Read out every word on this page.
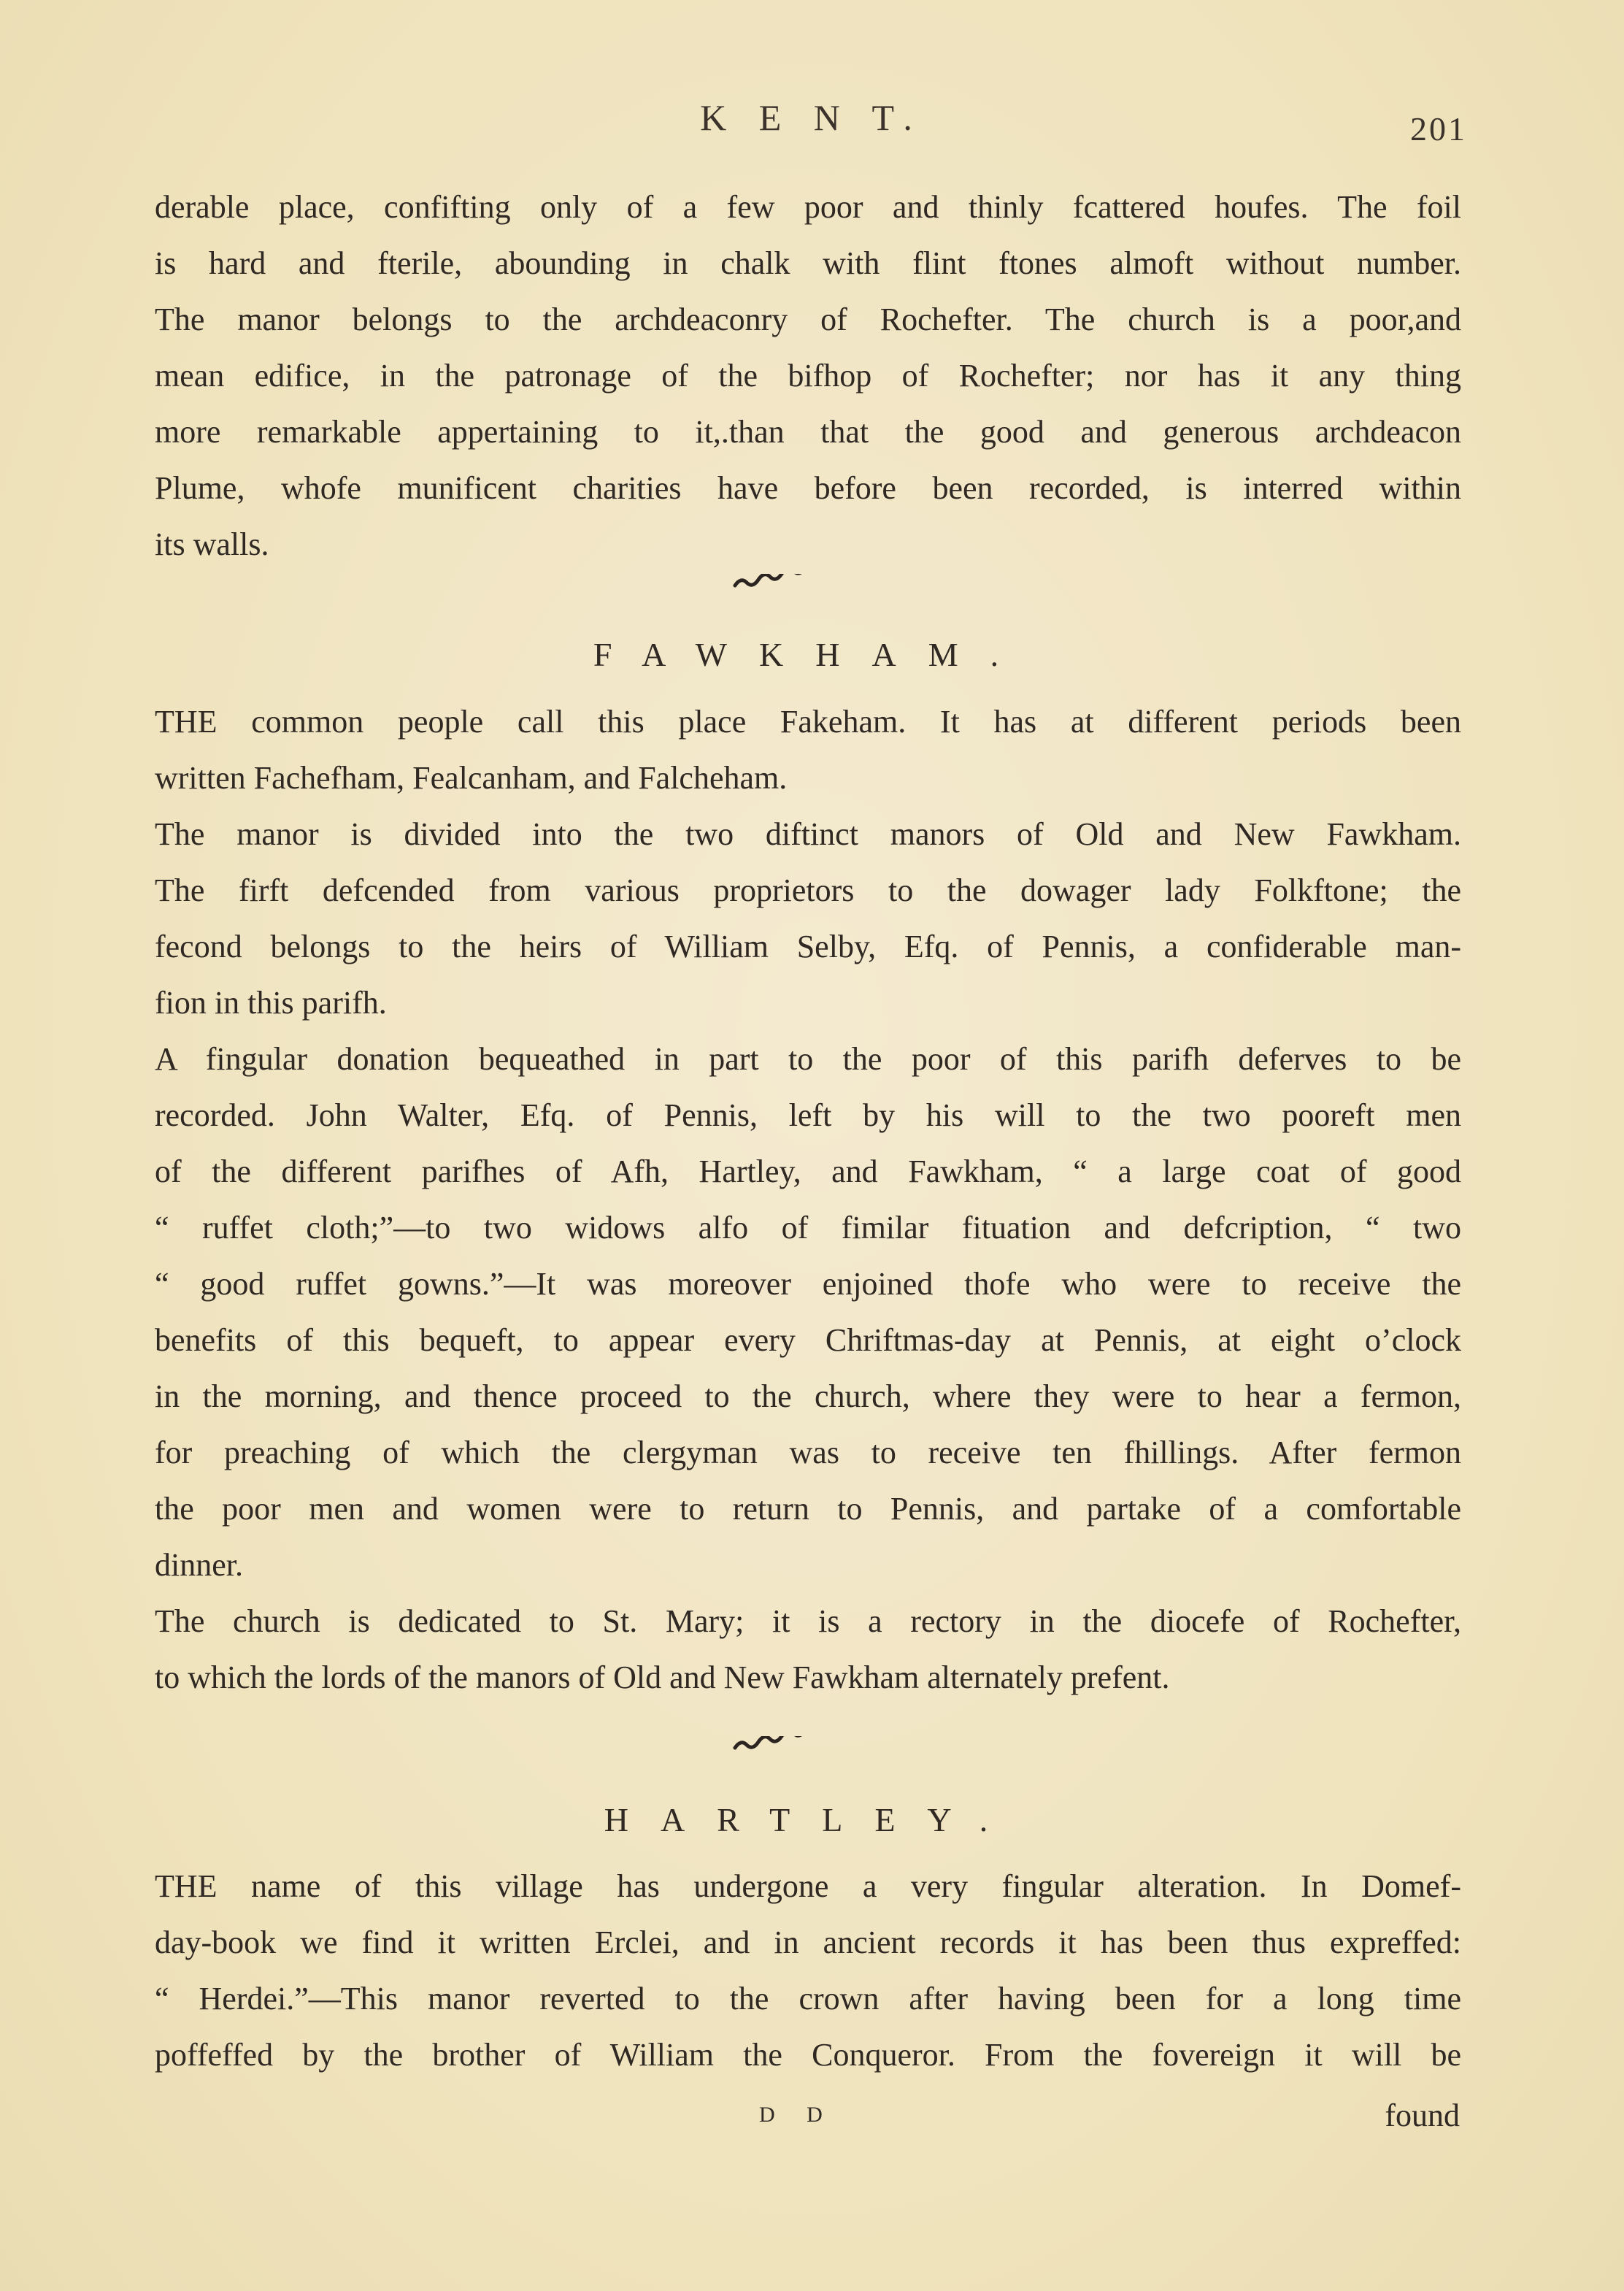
K E N T.	201
derable place, confifting only of a few poor and thinly fcattered houfes. The foil
is hard and fterile, abounding in chalk with flint ftones almoft without number.
The manor belongs to the archdeaconry of Rochefter. The church is a poor,and
mean edifice, in the patronage of the bifhop of Rochefter; nor has it any thing
more remarkable appertaining to it,.than that the good and generous archdeacon
Plume, whofe munificent charities have before been recorded, is interred within
its walls.
FAWKHAM.
THE common people call this place Fakeham. It has at different periods been
written Fachefham, Fealcanham, and Falcheham.
The manor is divided into the two diftinct manors of Old and New Fawkham.
The firft defcended from various proprietors to the dowager lady Folkftone; the
fecond belongs to the heirs of William Selby, Efq. of Pennis, a confiderable man-
fion in this parifh.
A fingular donation bequeathed in part to the poor of this parifh deferves to be
recorded. John Walter, Efq. of Pennis, left by his will to the two pooreft men
of the different parifhes of Afh, Hartley, and Fawkham, “ a large coat of good
“ ruffet cloth;”—to two widows alfo of fimilar fituation and defcription, “ two
“ good ruffet gowns.”—It was moreover enjoined thofe who were to receive the
benefits of this bequeft, to appear every Chriftmas-day at Pennis, at eight o’clock
in the morning, and thence proceed to the church, where they were to hear a fermon,
for preaching of which the clergyman was to receive ten fhillings. After fermon
the poor men and women were to return to Pennis, and partake of a comfortable
dinner.
The church is dedicated to St. Mary; it is a rectory in the diocefe of Rochefter,
to which the lords of the manors of Old and New Fawkham alternately prefent.
HARTLEY.
THE name of this village has undergone a very fingular alteration. In Domef-
day-book we find it written Erclei, and in ancient records it has been thus expreffed:
“ Herdei.”—This manor reverted to the crown after having been for a long time
poffeffed by the brother of William the Conqueror. From the fovereign it will be
D D	found
